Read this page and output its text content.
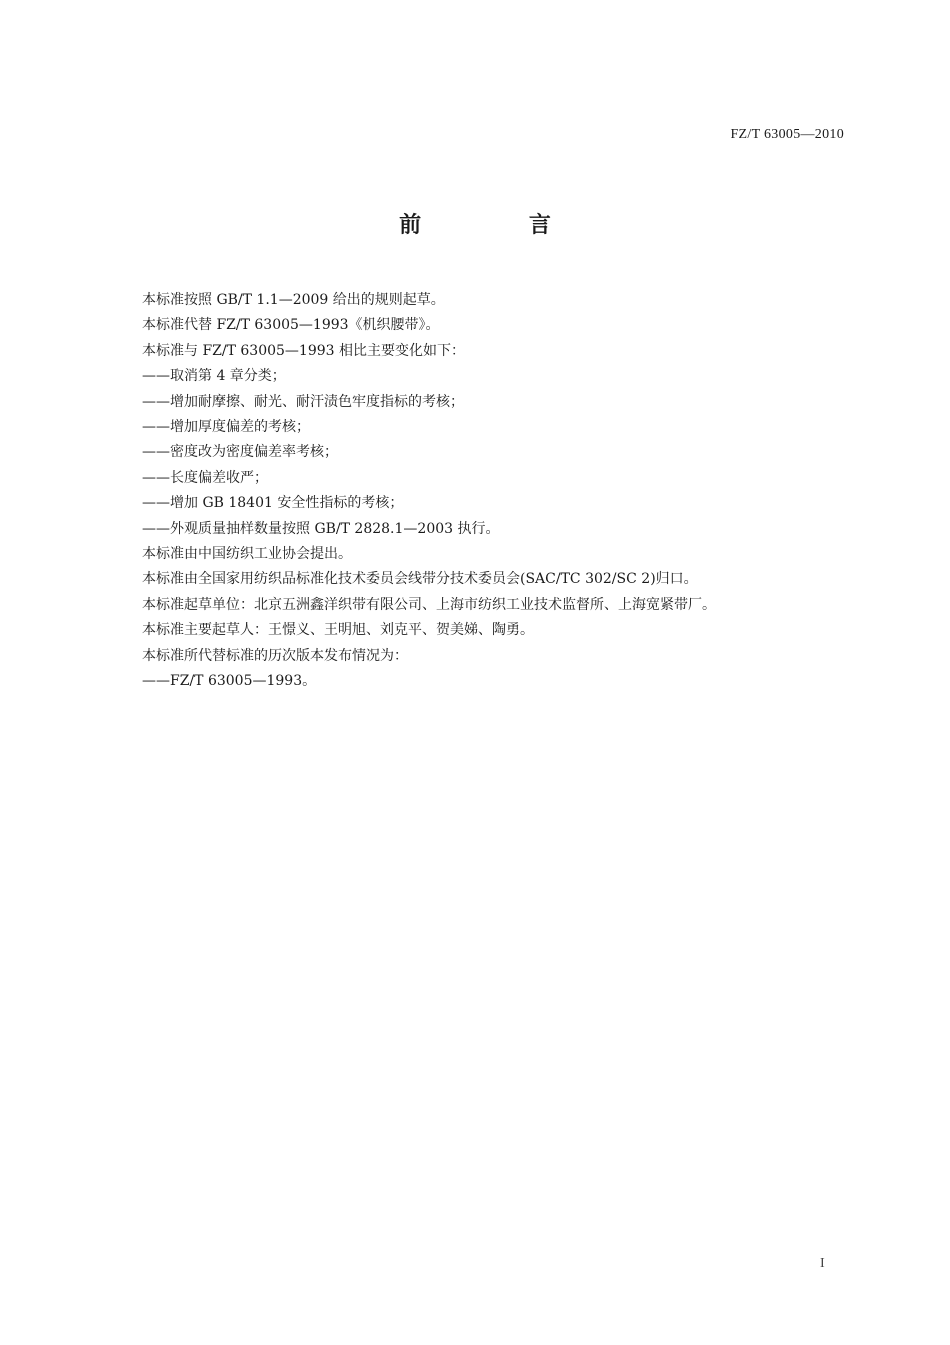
FZ/T 63005—2010
前 言
本标准按照 GB/T 1.1—2009 给出的规则起草。
本标准代替 FZ/T 63005—1993《机织腰带》。
本标准与 FZ/T 63005—1993 相比主要变化如下：
——取消第 4 章分类；
——增加耐摩擦、耐光、耐汗渍色牢度指标的考核；
——增加厚度偏差的考核；
——密度改为密度偏差率考核；
——长度偏差收严；
——增加 GB 18401 安全性指标的考核；
——外观质量抽样数量按照 GB/T 2828.1—2003 执行。
本标准由中国纺织工业协会提出。
本标准由全国家用纺织品标准化技术委员会线带分技术委员会(SAC/TC 302/SC 2)归口。
本标准起草单位：北京五洲鑫洋织带有限公司、上海市纺织工业技术监督所、上海宽紧带厂。
本标准主要起草人：王憬义、王明旭、刘克平、贺美娣、陶勇。
本标准所代替标准的历次版本发布情况为：
——FZ/T 63005—1993。
I
